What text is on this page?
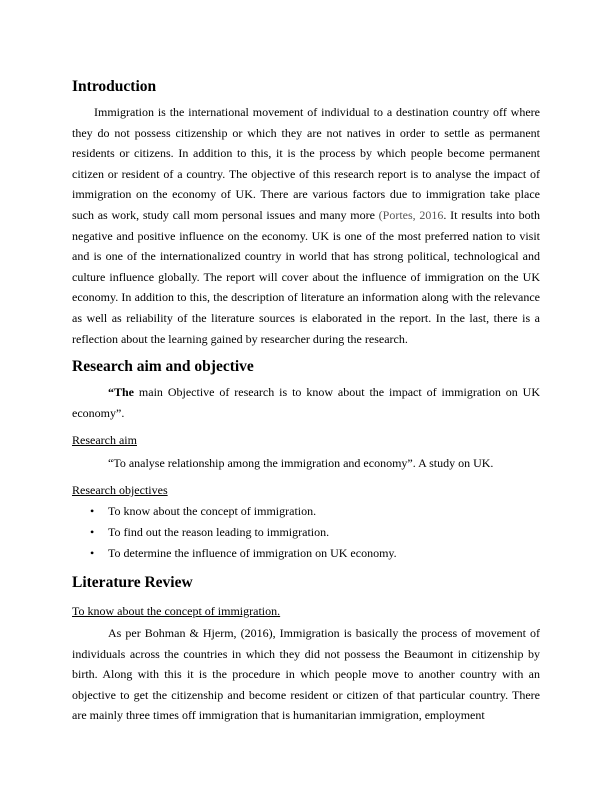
Introduction

Immigration is the international movement of individual to a destination country off where they do not possess citizenship or which they are not natives in order to settle as permanent residents or citizens. In addition to this, it is the process by which people become permanent citizen or resident of a country. The objective of this research report is to analyse the impact of immigration on the economy of UK. There are various factors due to immigration take place such as work, study call mom personal issues and many more (Portes, 2016. It results into both negative and positive influence on the economy. UK is one of the most preferred nation to visit and is one of the internationalized country in world that has strong political, technological and culture influence globally. The report will cover about the influence of immigration on the UK economy. In addition to this, the description of literature an information along with the relevance as well as reliability of the literature sources is elaborated in the report. In the last, there is a reflection about the learning gained by researcher during the research.

Research aim and objective

“The main Objective of research is to know about the impact of immigration on UK economy”.

Research aim

“To analyse relationship among the immigration and economy”. A study on UK.

Research objectives

• To know about the concept of immigration.
• To find out the reason leading to immigration.
• To determine the influence of immigration on UK economy.
Literature Review

To know about the concept of immigration.

As per Bohman & Hjerm, (2016), Immigration is basically the process of movement of individuals across the countries in which they did not possess the Beaumont in citizenship by birth. Along with this it is the procedure in which people move to another country with an objective to get the citizenship and become resident or citizen of that particular country. There are mainly three times off immigration that is humanitarian immigration, employment
